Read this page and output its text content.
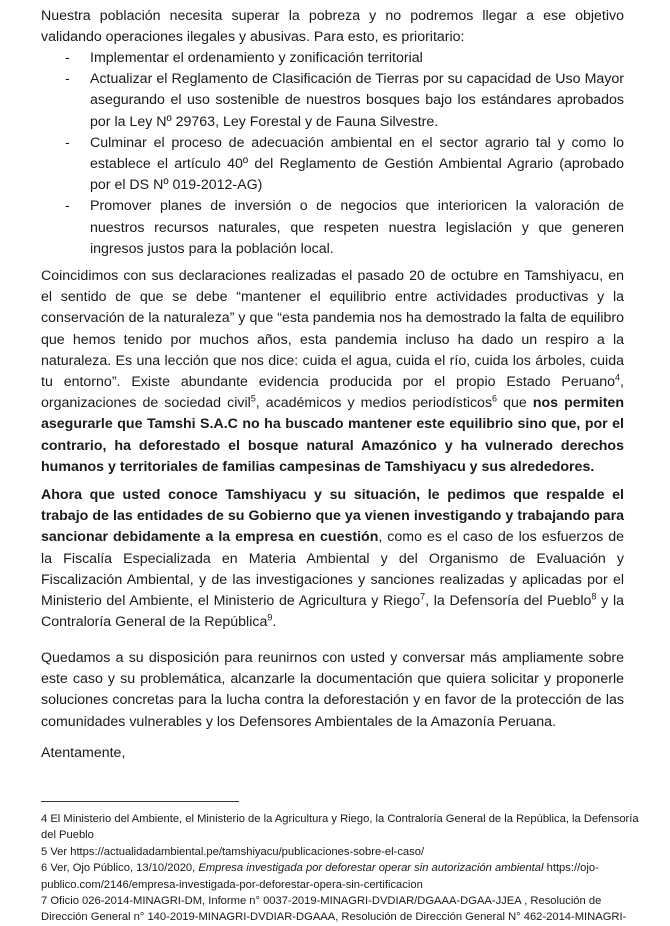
Nuestra población necesita superar la pobreza y no podremos llegar a ese objetivo validando operaciones ilegales y abusivas. Para esto, es prioritario:

- Implementar el ordenamiento y zonificación territorial
- Actualizar el Reglamento de Clasificación de Tierras por su capacidad de Uso Mayor asegurando el uso sostenible de nuestros bosques bajo los estándares aprobados por la Ley Nº 29763, Ley Forestal y de Fauna Silvestre.
- Culminar el proceso de adecuación ambiental en el sector agrario tal y como lo establece el artículo 40º del Reglamento de Gestión Ambiental Agrario (aprobado por el DS Nº 019-2012-AG)
- Promover planes de inversión o de negocios que interioricen la valoración de nuestros recursos naturales, que respeten nuestra legislación y que generen ingresos justos para la población local.

Coincidimos con sus declaraciones realizadas el pasado 20 de octubre en Tamshiyacu, en el sentido de que se debe “mantener el equilibrio entre actividades productivas y la conservación de la naturaleza” y que “esta pandemia nos ha demostrado la falta de equilibro que hemos tenido por muchos años, esta pandemia incluso ha dado un respiro a la naturaleza. Es una lección que nos dice: cuida el agua, cuida el río, cuida los árboles, cuida tu entorno”. Existe abundante evidencia producida por el propio Estado Peruano$^4$, organizaciones de sociedad civil$^5$, académicos y medios periodísticos$^6$ que nos permiten asegurarle que Tamshi S.A.C no ha buscado mantener este equilibrio sino que, por el contrario, ha deforestado el bosque natural Amazónico y ha vulnerado derechos humanos y territoriales de familias campesinas de Tamshiyacu y sus alrededores.

Ahora que usted conoce Tamshiyacu y su situación, le pedimos que respalde el trabajo de las entidades de su Gobierno que ya vienen investigando y trabajando para sancionar debidamente a la empresa en cuestión, como es el caso de los esfuerzos de la Fiscalía Especializada en Materia Ambiental y del Organismo de Evaluación y Fiscalización Ambiental, y de las investigaciones y sanciones realizadas y aplicadas por el Ministerio del Ambiente, el Ministerio de Agricultura y Riego$^7$, la Defensoría del Pueblo$^8$ y la Contraloría General de la República$^9$.

Quedamos a su disposición para reunirnos con usted y conversar más ampliamente sobre este caso y su problemática, alcanzarle la documentación que quiera solicitar y proponerle soluciones concretas para la lucha contra la deforestación y en favor de la protección de las comunidades vulnerables y los Defensores Ambientales de la Amazonía Peruana.

Atentamente,

4 El Ministerio del Ambiente, el Ministerio de la Agricultura y Riego, la Contraloría General de la República, la Defensoría del Pueblo
5 Ver https://actualidadambiental.pe/tamshiyacu/publicaciones-sobre-el-caso/
6 Ver, Ojo Público, 13/10/2020, Empresa investigada por deforestar operar sin autorización ambiental https://ojo-publico.com/2146/empresa-investigada-por-deforestar-opera-sin-certificacion
7 Oficio 026-2014-MINAGRI-DM, Informe n° 0037-2019-MINAGRI-DVDIAR/DGAAA-DGAA-JJEA , Resolución de Dirección General n° 140-2019-MINAGRI-DVDIAR-DGAAA, Resolución de Dirección General N° 462-2014-MINAGRI-
